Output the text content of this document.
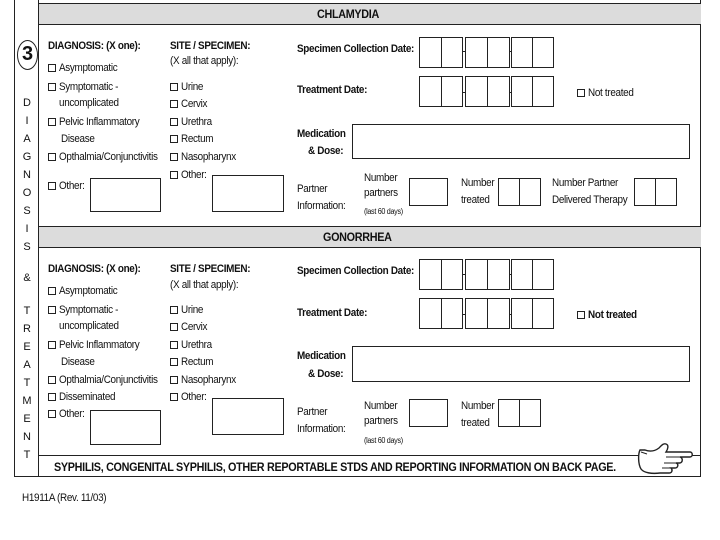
3
D
I
A
G
N
O
S
I
S
&
T
R
E
A
T
M
E
N
T
CHLAMYDIA
DIAGNOSIS: (X one):
Asymptomatic
Symptomatic -
uncomplicated
Pelvic Inflammatory
Disease
Opthalmia/Conjunctivitis
Other:
SITE / SPECIMEN:
(X all that apply):
Urine
Cervix
Urethra
Rectum
Nasopharynx
Other:
Specimen Collection Date:
Treatment Date:	Not treated
Medication
& Dose:
Partner
Information:
Number
partners
(last 60 days)
Number
treated
Number Partner
Delivered Therapy
GONORRHEA
DIAGNOSIS: (X one):
Asymptomatic
Symptomatic -
uncomplicated
Pelvic Inflammatory
Disease
Opthalmia/Conjunctivitis
Disseminated
Other:
SITE / SPECIMEN:
(X all that apply):
Urine
Cervix
Urethra
Rectum
Nasopharynx
Other:
Specimen Collection Date:
Treatment Date:	Not treated
Medication
& Dose:
Partner
Information:
Number
partners
(last 60 days)
Number
treated
SYPHILIS, CONGENITAL SYPHILIS, OTHER REPORTABLE STDS AND REPORTING INFORMATION ON BACK PAGE.
H1911A (Rev. 11/03)
